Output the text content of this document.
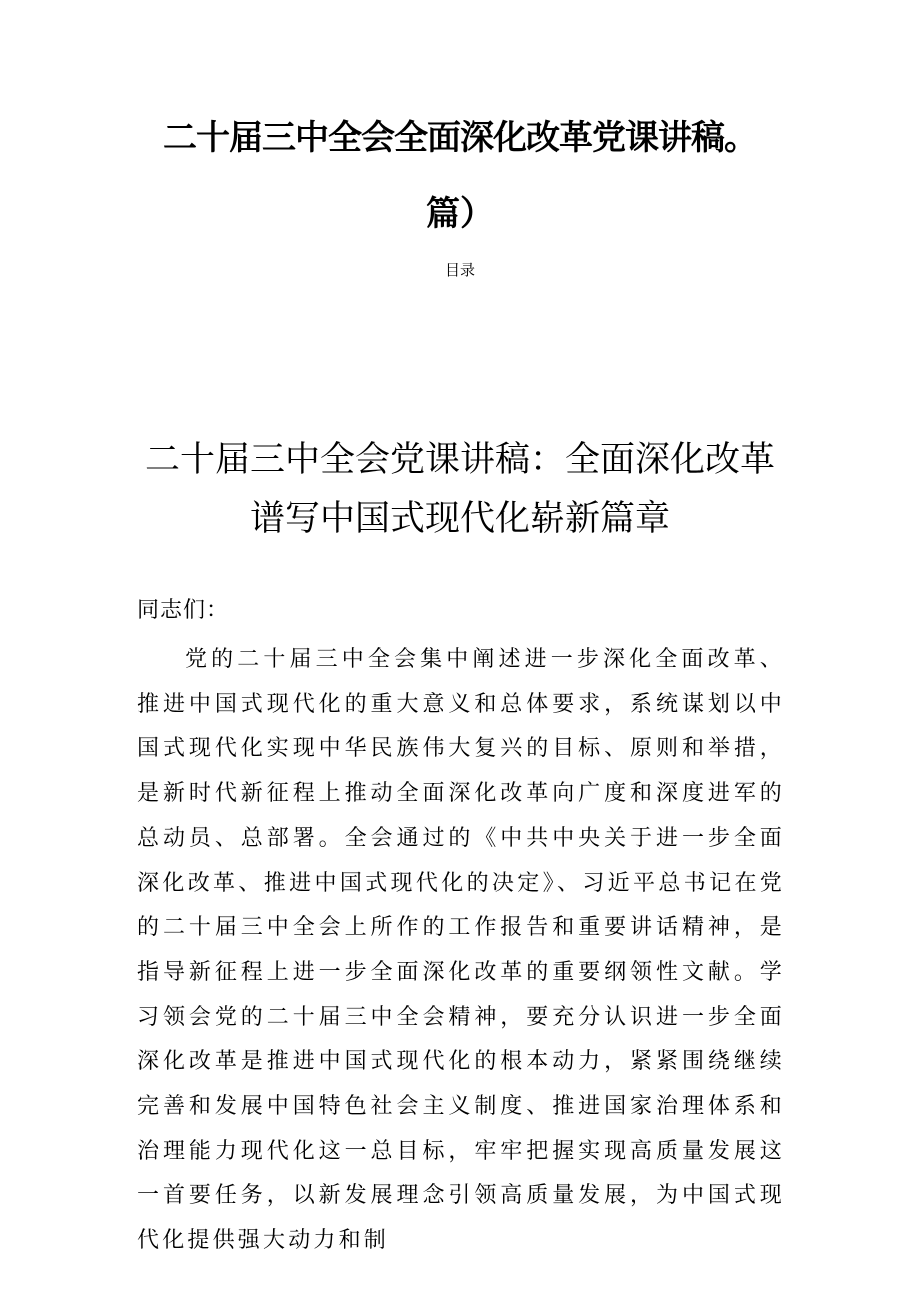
二十届三中全会全面深化改革党课讲稿。
篇）
目录
二十届三中全会党课讲稿：全面深化改革
谱写中国式现代化崭新篇章
同志们：

党的二十届三中全会集中阐述进一步深化全面改革、推进中国式现代化的重大意义和总体要求，系统谋划以中国式现代化实现中华民族伟大复兴的目标、原则和举措，是新时代新征程上推动全面深化改革向广度和深度进军的总动员、总部署。全会通过的《中共中央关于进一步全面深化改革、推进中国式现代化的决定》、习近平总书记在党的二十届三中全会上所作的工作报告和重要讲话精神，是指导新征程上进一步全面深化改革的重要纲领性文献。学习领会党的二十届三中全会精神，要充分认识进一步全面深化改革是推进中国式现代化的根本动力，紧紧围绕继续完善和发展中国特色社会主义制度、推进国家治理体系和治理能力现代化这一总目标，牢牢把握实现高质量发展这一首要任务，以新发展理念引领高质量发展，为中国式现代化提供强大动力和制
